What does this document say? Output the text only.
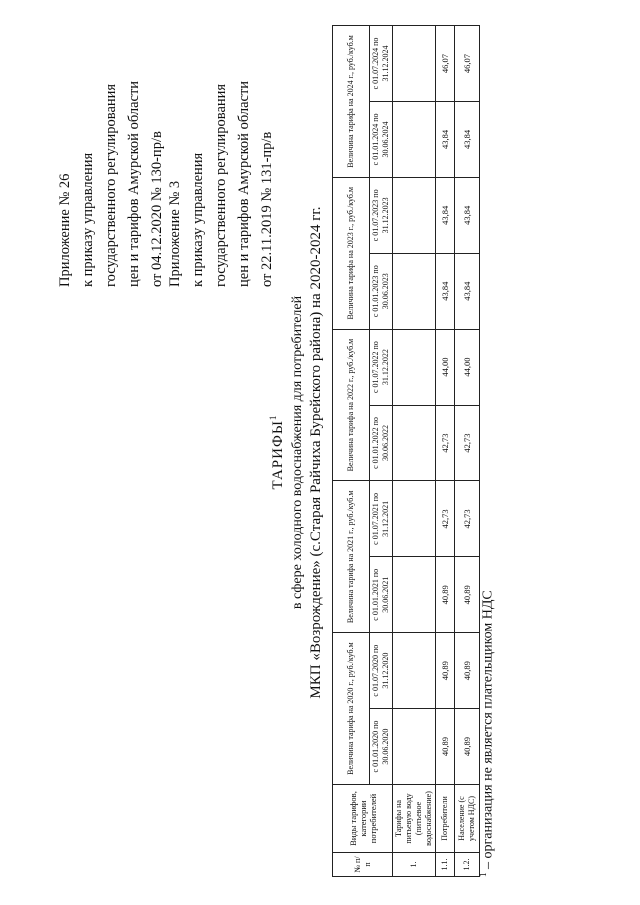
Приложение № 26 к приказу управления государственного регулирования цен и тарифов Амурской области от 04.12.2020 № 130-пр/в Приложение № 3 к приказу управления государственного регулирования цен и тарифов Амурской области от 22.11.2019 № 131-пр/в
ТАРИФЫ$^1$ в сфере холодного водоснабжения для потребителей МКП «Возрождение» (с.Старая Райчиха Бурейского района) на 2020-2024 гг.
№ п/п	Виды тарифов, категории потребителей	Величина тарифа на 2020 г., руб./куб.м		Величина тарифа на 2021 г., руб./куб.м		Величина тарифа на 2022 г., руб./куб.м		Величина тарифа на 2023 г., руб./куб.м		Величина тарифа на 2024 г., руб./куб.м	
		с 01.01.2020 по 30.06.2020	с 01.07.2020 по 31.12.2020	с 01.01.2021 по 30.06.2021	с 01.07.2021 по 31.12.2021	с 01.01.2022 по 30.06.2022	с 01.07.2022 по 31.12.2022	с 01.01.2023 по 30.06.2023	с 01.07.2023 по 31.12.2023	с 01.01.2024 по 30.06.2024	с 01.07.2024 по 31.12.2024
1.	Тарифы на питьевую воду (питьевое водоснабжение)										
1.1.	Потребители	40,89	40,89	40,89	42,73	42,73	44,00	43,84	43,84	43,84	46,07
1.2.	Население (с учетом НДС)	40,89	40,89	40,89	42,73	42,73	44,00	43,84	43,84	43,84	46,07
$^1$ – организация не является плательщиком НДС
